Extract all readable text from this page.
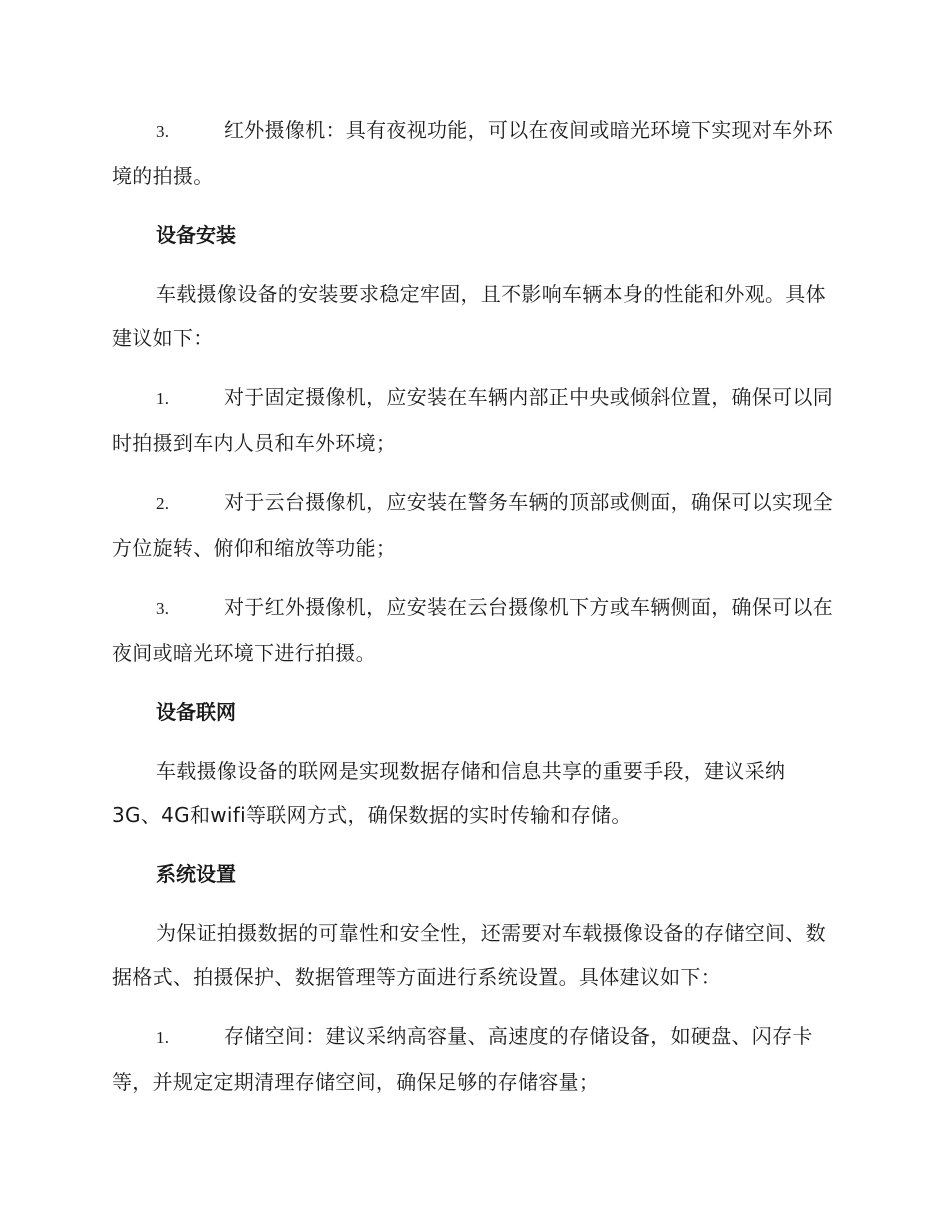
3.	红外摄像机：具有夜视功能，可以在夜间或暗光环境下实现对车外环境的拍摄。

设备安装

车载摄像设备的安装要求稳定牢固，且不影响车辆本身的性能和外观。具体建议如下：

1.	对于固定摄像机，应安装在车辆内部正中央或倾斜位置，确保可以同时拍摄到车内人员和车外环境；

2.	对于云台摄像机，应安装在警务车辆的顶部或侧面，确保可以实现全方位旋转、俯仰和缩放等功能；

3.	对于红外摄像机，应安装在云台摄像机下方或车辆侧面，确保可以在夜间或暗光环境下进行拍摄。

设备联网

车载摄像设备的联网是实现数据存储和信息共享的重要手段，建议采纳3G、4G和wifi等联网方式，确保数据的实时传输和存储。

系统设置

为保证拍摄数据的可靠性和安全性，还需要对车载摄像设备的存储空间、数据格式、拍摄保护、数据管理等方面进行系统设置。具体建议如下：

1.	存储空间：建议采纳高容量、高速度的存储设备，如硬盘、闪存卡等，并规定定期清理存储空间，确保足够的存储容量；
